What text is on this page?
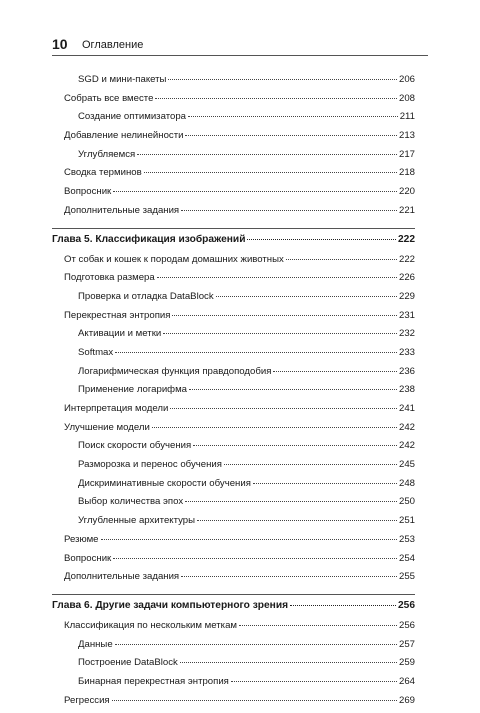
10 Оглавление
SGD и мини-пакеты	206
Собрать все вместе	208
Создание оптимизатора	211
Добавление нелинейности	213
Углубляемся	217
Сводка терминов	218
Вопросник	220
Дополнительные задания	221
Глава 5. Классификация изображений	222
От собак и кошек к породам домашних животных	222
Подготовка размера	226
Проверка и отладка DataBlock	229
Перекрестная энтропия	231
Активации и метки	232
Softmax	233
Логарифмическая функция правдоподобия	236
Применение логарифма	238
Интерпретация модели	241
Улучшение модели	242
Поиск скорости обучения	242
Разморозка и перенос обучения	245
Дискриминативные скорости обучения	248
Выбор количества эпох	250
Углубленные архитектуры	251
Резюме	253
Вопросник	254
Дополнительные задания	255
Глава 6. Другие задачи компьютерного зрения	256
Классификация по нескольким меткам	256
Данные	257
Построение DataBlock	259
Бинарная перекрестная энтропия	264
Регрессия	269
